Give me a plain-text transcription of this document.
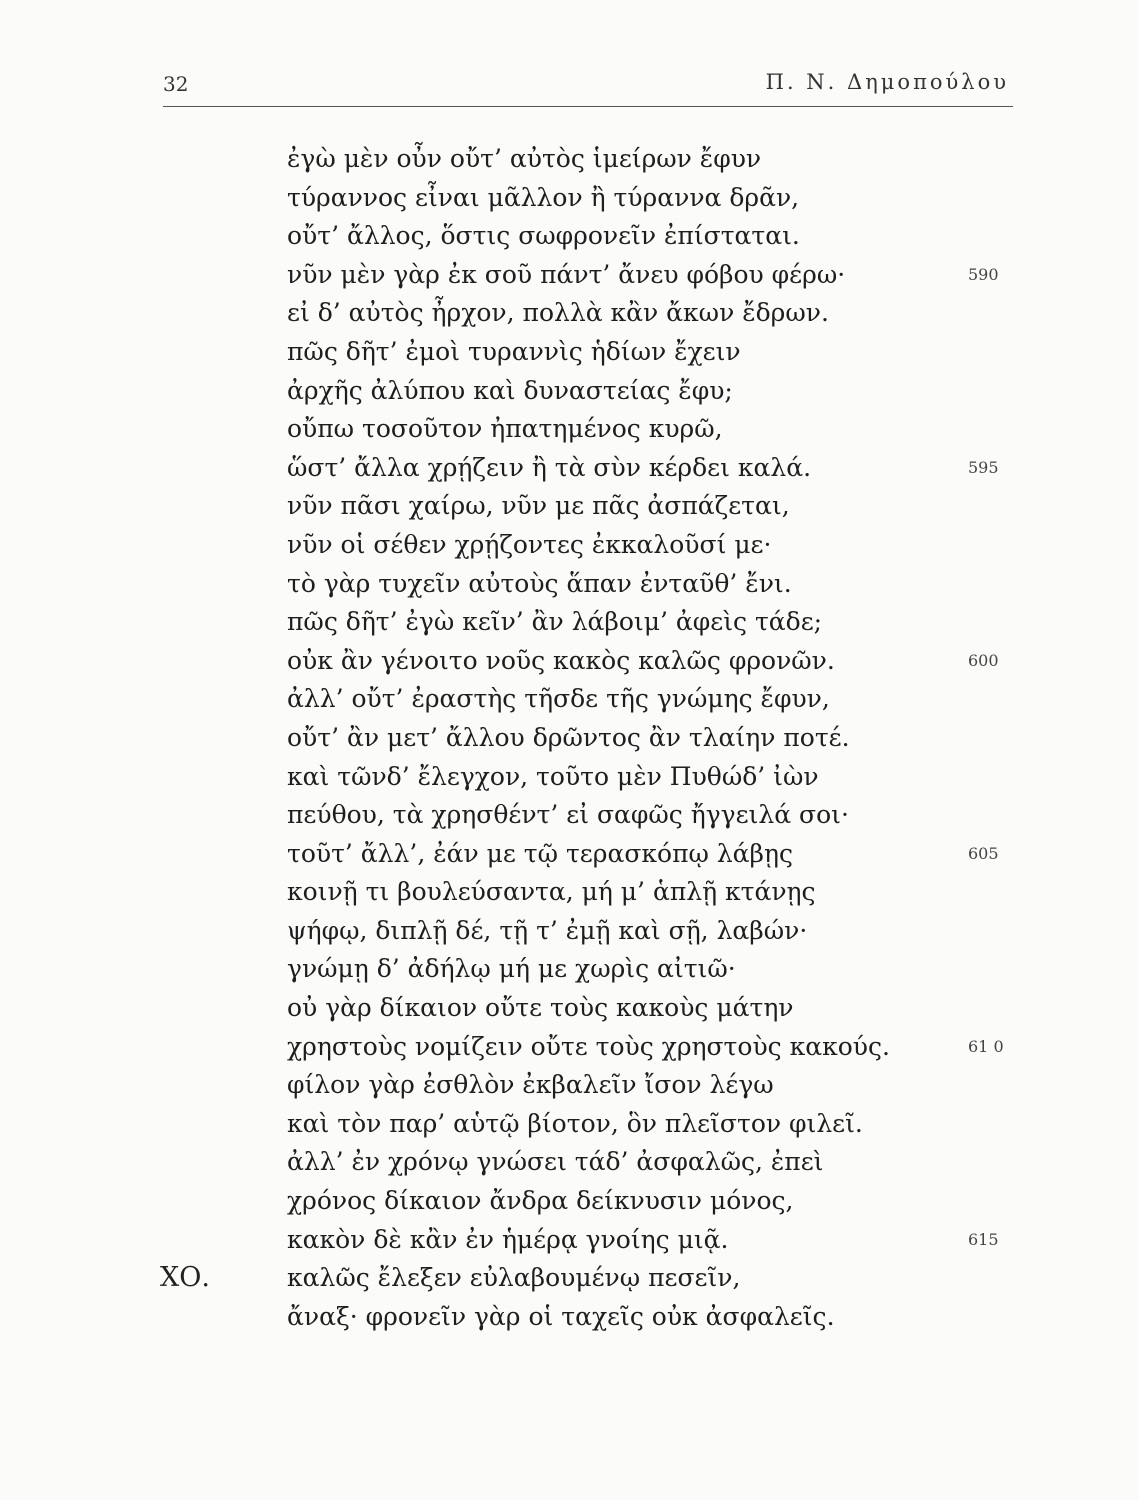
32	Π. Ν. Δημοπούλου
ἐγὼ μὲν οὖν οὔτ’ αὐτὸς ἱμείρων ἔφυν
τύραννος εἶναι μᾶλλον ἢ τύραννα δρᾶν,
οὔτ’ ἄλλος, ὅστις σωφρονεῖν ἐπίσταται.
νῦν μὲν γὰρ ἐκ σοῦ πάντ’ ἄνευ φόβου φέρω·	590
εἰ δ’ αὐτὸς ἦρχον, πολλὰ κἂν ἄκων ἔδρων.
πῶς δῆτ’ ἐμοὶ τυραννὶς ἡδίων ἔχειν
ἀρχῆς ἀλύπου καὶ δυναστείας ἔφυ;
οὔπω τοσοῦτον ἠπατημένος κυρῶ,
ὥστ’ ἄλλα χρῄζειν ἢ τὰ σὺν κέρδει καλά.	595
νῦν πᾶσι χαίρω, νῦν με πᾶς ἀσπάζεται,
νῦν οἱ σέθεν χρῄζοντες ἐκκαλοῦσί με·
τὸ γὰρ τυχεῖν αὐτοὺς ἅπαν ἐνταῦθ’ ἔνι.
πῶς δῆτ’ ἐγὼ κεῖν’ ἂν λάβοιμ’ ἀφεὶς τάδε;
οὐκ ἂν γένοιτο νοῦς κακὸς καλῶς φρονῶν.	600
ἀλλ’ οὔτ’ ἐραστὴς τῆσδε τῆς γνώμης ἔφυν,
οὔτ’ ἂν μετ’ ἄλλου δρῶντος ἂν τλαίην ποτέ.
καὶ τῶνδ’ ἔλεγχον, τοῦτο μὲν Πυθώδ’ ἰὼν
πεύθου, τὰ χρησθέντ’ εἰ σαφῶς ἤγγειλά σοι·
τοῦτ’ ἄλλ’, ἐάν με τῷ τερασκόπῳ λάβῃς	605
κοινῇ τι βουλεύσαντα, μή μ’ ἁπλῇ κτάνῃς
ψήφῳ, διπλῇ δέ, τῇ τ’ ἐμῇ καὶ σῇ, λαβών·
γνώμῃ δ’ ἀδήλῳ μή με χωρὶς αἰτιῶ·
οὐ γὰρ δίκαιον οὔτε τοὺς κακοὺς μάτην
χρηστοὺς νομίζειν οὔτε τοὺς χρηστοὺς κακούς.	61 0
φίλον γὰρ ἐσθλὸν ἐκβαλεῖν ἴσον λέγω
καὶ τὸν παρ’ αὑτῷ βίοτον, ὃν πλεῖστον φιλεῖ.
ἀλλ’ ἐν χρόνῳ γνώσει τάδ’ ἀσφαλῶς, ἐπεὶ
χρόνος δίκαιον ἄνδρα δείκνυσιν μόνος,
κακὸν δὲ κἂν ἐν ἡμέρᾳ γνοίης μιᾷ.	615
ΧΟ.	καλῶς ἔλεξεν εὐλαβουμένῳ πεσεῖν,
ἄναξ· φρονεῖν γὰρ οἱ ταχεῖς οὐκ ἀσφαλεῖς.
